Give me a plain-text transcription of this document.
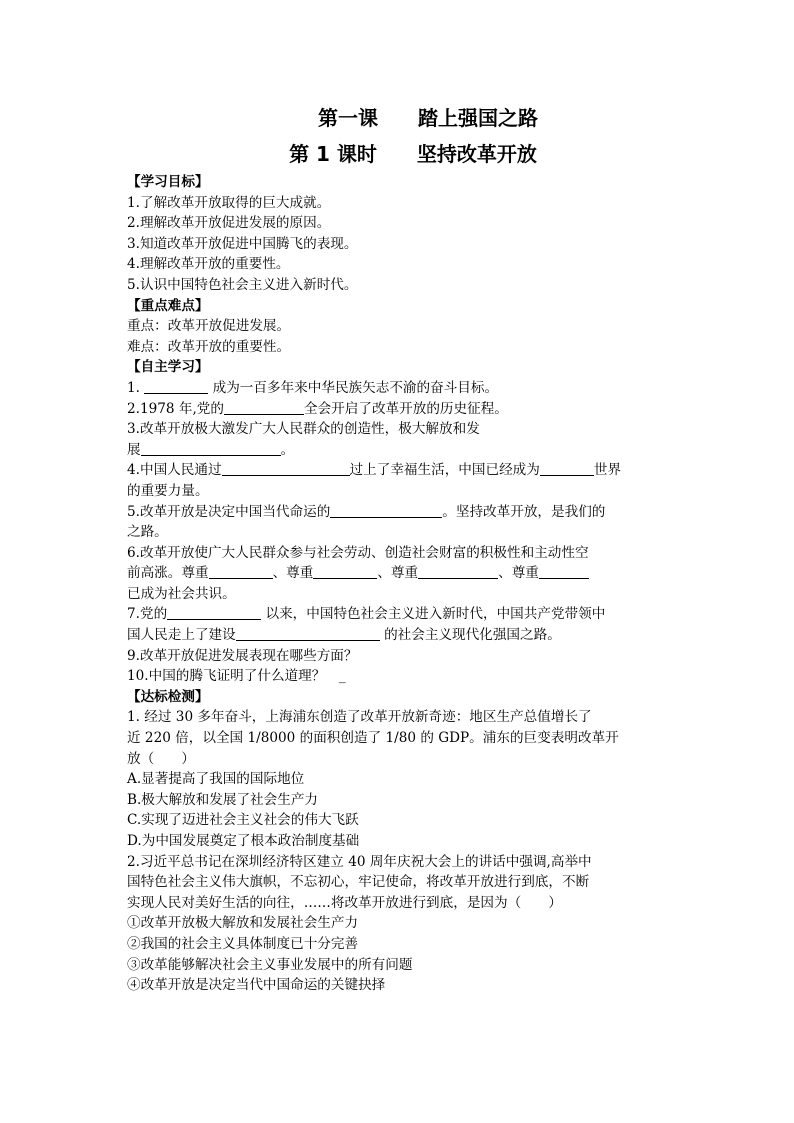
第一课　　踏上强国之路
第 1 课时　　坚持改革开放
【学习目标】
1.了解改革开放取得的巨大成就。
2.理解改革开放促进发展的原因。
3.知道改革开放促进中国腾飞的表现。
4.理解改革开放的重要性。
5.认识中国特色社会主义进入新时代。
【重点难点】
重点：改革开放促进发展。
难点：改革开放的重要性。
【自主学习】
1.	成为一百多年来中华民族矢志不渝的奋斗目标。
2.1978 年,党的	全会开启了改革开放的历史征程。
3.改革开放极大激发广大人民群众的创造性，极大解放和发
展	。
4.中国人民通过	过上了幸福生活，中国已经成为	世界
的重要力量。
5.改革开放是决定中国当代命运的	。坚持改革开放，是我们的
之路。
6.改革开放使广大人民群众参与社会劳动、创造社会财富的积极性和主动性空
前高涨。尊重	、尊重	、尊重	、尊重
已成为社会共识。
7.党的	以来，中国特色社会主义进入新时代，中国共产党带领中
国人民走上了建设	的社会主义现代化强国之路。
9.改革开放促进发展表现在哪些方面？
10.中国的腾飞证明了什么道理？　_
【达标检测】
1. 经过 30 多年奋斗，上海浦东创造了改革开放新奇迹：地区生产总值增长了
近 220 倍，以全国 1/8000 的面积创造了 1/80 的 GDP。浦东的巨变表明改革开
放（　　）
A.显著提高了我国的国际地位
B.极大解放和发展了社会生产力
C.实现了迈进社会主义社会的伟大飞跃
D.为中国发展奠定了根本政治制度基础
2.习近平总书记在深圳经济特区建立 40 周年庆祝大会上的讲话中强调,高举中
国特色社会主义伟大旗帜，不忘初心，牢记使命，将改革开放进行到底，不断
实现人民对美好生活的向往，……将改革开放进行到底，是因为（　　）
①改革开放极大解放和发展社会生产力
②我国的社会主义具体制度已十分完善
③改革能够解决社会主义事业发展中的所有问题
④改革开放是决定当代中国命运的关键抉择
